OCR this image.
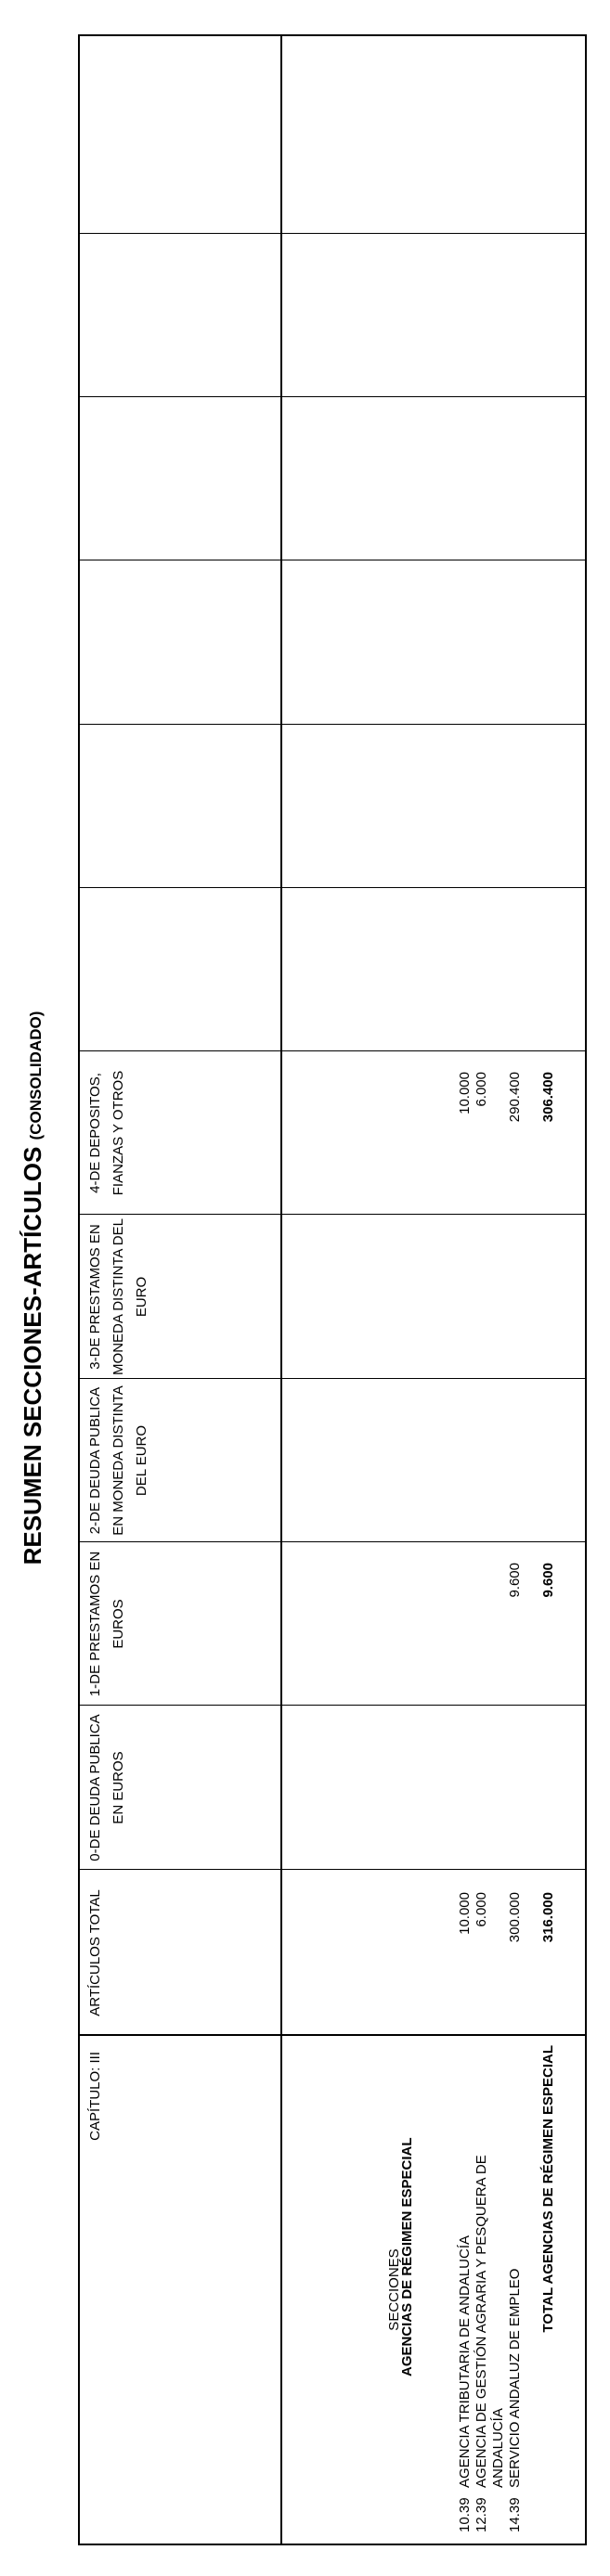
RESUMEN SECCIONES-ARTÍCULOS (CONSOLIDADO)
CAPÍTULO: III
SECCIONES
ARTÍCULOS TOTAL
0-DE DEUDA PUBLICA EN EUROS
1-DE PRESTAMOS EN EUROS
2-DE DEUDA PUBLICA EN MONEDA DISTINTA DEL EURO
3-DE PRESTAMOS EN MONEDA DISTINTA DEL EURO
4-DE DEPOSITOS, FIANZAS Y OTROS
AGENCIAS DE RÉGIMEN ESPECIAL
10.39
AGENCIA TRIBUTARIA DE ANDALUCÍA
10.000
10.000
12.39
AGENCIA DE GESTIÓN AGRARIA Y PESQUERA DE ANDALUCÍA
6.000
6.000
14.39
SERVICIO ANDALUZ DE EMPLEO
300.000
9.600
290.400
TOTAL AGENCIAS DE RÉGIMEN ESPECIAL
316.000
9.600
306.400
